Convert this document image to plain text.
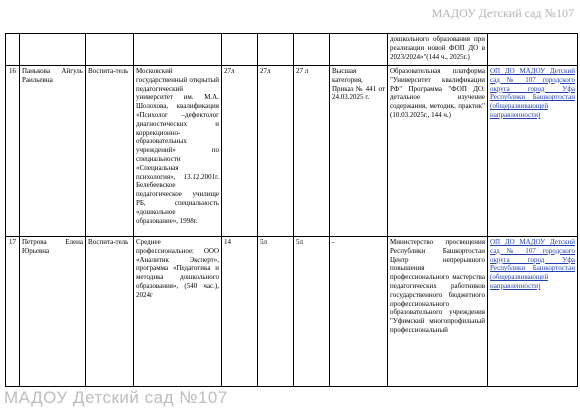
МАДОУ Детский сад №107
								дошкольного образования при реализации новой ФОП ДО в 2023/2024»"(144 ч., 2025г.)	
16	Панькова Айгуль Раильевна	Воспита-тель	Московский государственный открытый педагогический университет им. М.А. Шолохова, квалификация «Психолог –дефектолог диагностических и коррекционно-образовательных учреждений» по специальности «Специальная психология», 13.12.2001г. Белебеевское педагогическое училище РБ, специальность «дошкольное образование», 1998г.	27л	27л	27 л	Высшая категория, Приказ № 441 от 24.03.2025 г.	Образовательная платформа "Университет квалификации РФ" Программа "ФОП ДО: детальное изучение содержания, методик, практик" (10.03.2025г., 144 ч.)	ОП ДО МАДОУ Детский сад № 107 городского округа город Уфа Республики Башкортостан (общеразвивающей направленности)
17	Петрова Елена Юрьевна	Воспита-тель	Среднее профессиональное: ООО «Аналитик Эксперт», программа «Педагогика и методика дошкольного образования», (540 час.), 2024г	14	5л	5л	-	Министерство просвещения Республики Башкортостан Центр непрерывного повышения профессионального мастерства педагогических работников государственного бюджетного профессионального образовательного учреждения "Уфимский многопрофильный профессиональный	ОП ДО МАДОУ Детский сад № 107 городского округа город Уфа Республики Башкортостан (общеразвивающей направленности)
МАДОУ Детский сад №107
